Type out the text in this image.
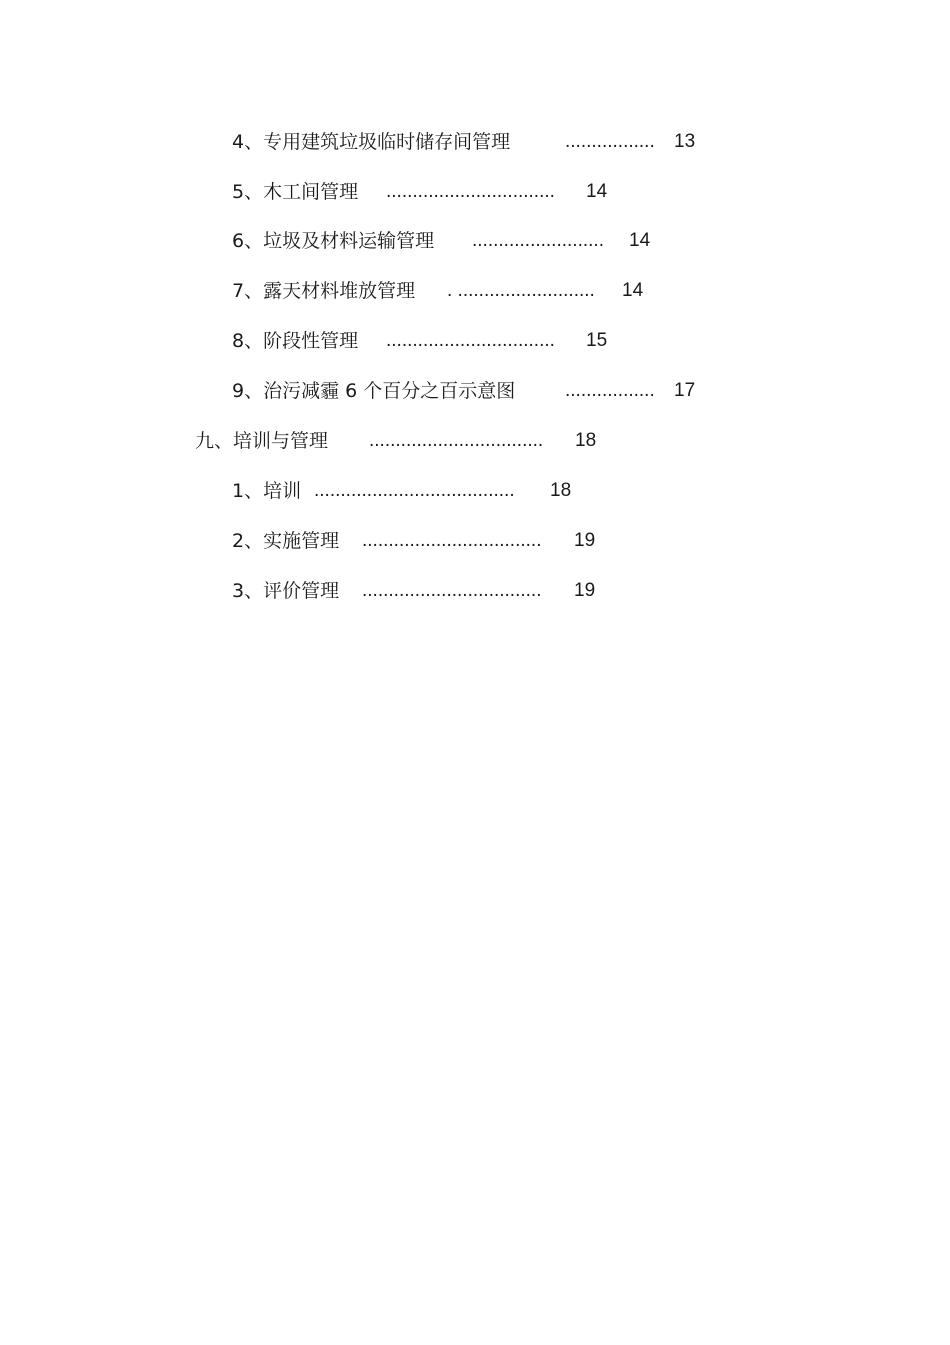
4、专用建筑垃圾临时储存间管理	................. 13
5、木工间管理 ................................ 14
6、垃圾及材料运输管理 ......................... 14
7、露天材料堆放管理 . .......................... 14
8、阶段性管理 ................................ 15
9、治污减霾 6 个百分之百示意图	................. 17
九、培训与管理 ................................. 18
1、培训 ...................................... 18
2、实施管理 .................................. 19
3、评价管理 .................................. 19
